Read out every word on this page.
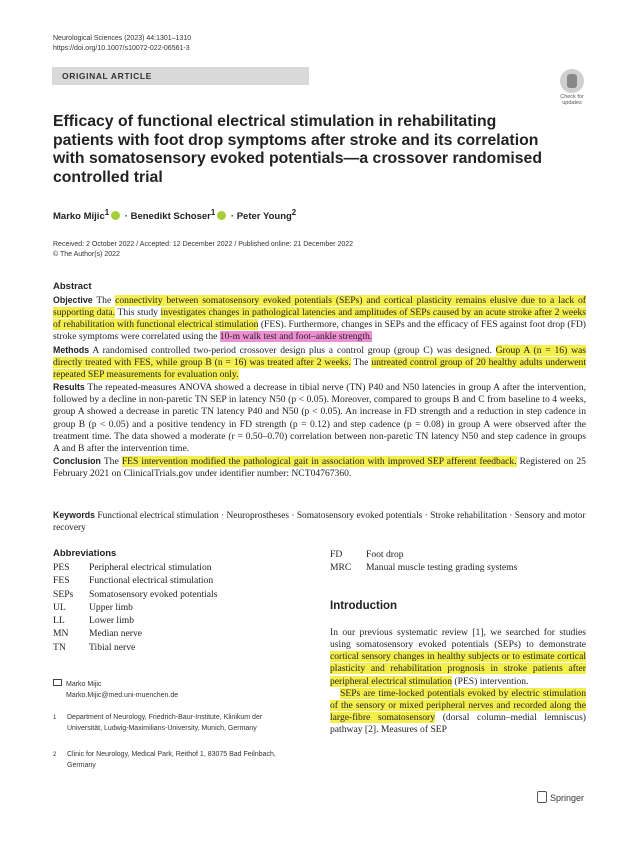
Neurological Sciences (2023) 44:1301–1310
https://doi.org/10.1007/s10072-022-06561-3
ORIGINAL ARTICLE
Check for updates
Efficacy of functional electrical stimulation in rehabilitating patients with foot drop symptoms after stroke and its correlation with somatosensory evoked potentials—a crossover randomised controlled trial
Marko Mijic$^1$ · Benedikt Schoser$^1$ · Peter Young$^2$
Received: 2 October 2022 / Accepted: 12 December 2022 / Published online: 21 December 2022
© The Author(s) 2022
Abstract

Objective The connectivity between somatosensory evoked potentials (SEPs) and cortical plasticity remains elusive due to a lack of supporting data. This study investigates changes in pathological latencies and amplitudes of SEPs caused by an acute stroke after 2 weeks of rehabilitation with functional electrical stimulation (FES). Furthermore, changes in SEPs and the efficacy of FES against foot drop (FD) stroke symptoms were correlated using the 10-m walk test and foot–ankle strength.

Methods A randomised controlled two-period crossover design plus a control group (group C) was designed. Group A (n = 16) was directly treated with FES, while group B (n = 16) was treated after 2 weeks. The untreated control group of 20 healthy adults underwent repeated SEP measurements for evaluation only.

Results The repeated-measures ANOVA showed a decrease in tibial nerve (TN) P40 and N50 latencies in group A after the intervention, followed by a decline in non-paretic TN SEP in latency N50 (p < 0.05). Moreover, compared to groups B and C from baseline to 4 weeks, group A showed a decrease in paretic TN latency P40 and N50 (p < 0.05). An increase in FD strength and a reduction in step cadence in group B (p < 0.05) and a positive tendency in FD strength (p = 0.12) and step cadence (p = 0.08) in group A were observed after the treatment time. The data showed a moderate (r = 0.50–0.70) correlation between non-paretic TN latency N50 and step cadence in groups A and B after the intervention time.

Conclusion The FES intervention modified the pathological gait in association with improved SEP afferent feedback. Registered on 25 February 2021 on ClinicalTrials.gov under identifier number: NCT04767360.

Keywords Functional electrical stimulation · Neuroprostheses · Somatosensory evoked potentials · Stroke rehabilitation · Sensory and motor recovery
Abbreviations
PES Peripheral electrical stimulation
FES Functional electrical stimulation
SEPs Somatosensory evoked potentials
UL Upper limb
LL	Lower limb
MN Median nerve
TN Tibial nerve
FD Foot drop
MRC Manual muscle testing grading systems
Marko Mijic
Marko.Mijic@med.uni-muenchen.de
1 Department of Neurology, Friedrich-Baur-Institute, Klinikum der Universität, Ludwig-Maximilians-University, Munich, Germany
2 Clinic for Neurology, Medical Park, Reithof 1, 83075 Bad Feilnbach, Germany
Introduction

In our previous systematic review [1], we searched for studies using somatosensory evoked potentials (SEPs) to demonstrate cortical sensory changes in healthy subjects or to estimate cortical plasticity and rehabilitation prognosis in stroke patients after peripheral electrical stimulation (PES) intervention.

SEPs are time-locked potentials evoked by electric stimulation of the sensory or mixed peripheral nerves and recorded along the large-fibre somatosensory (dorsal column–medial lemniscus) pathway [2]. Measures of SEP

Springer
